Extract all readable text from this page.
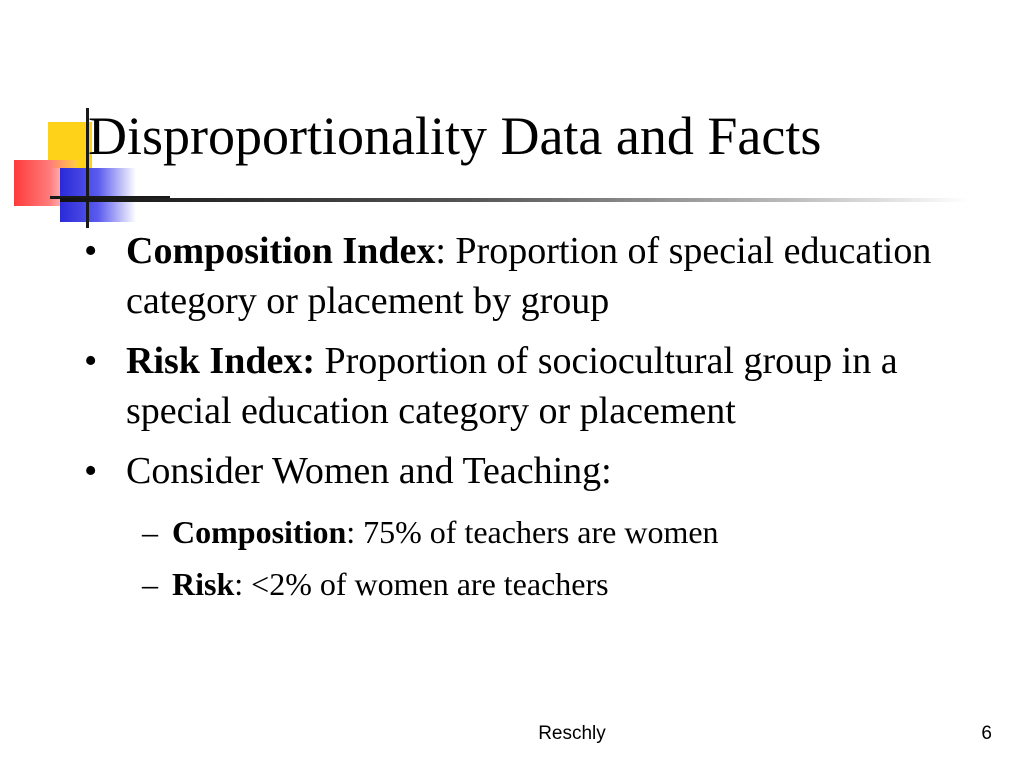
Disproportionality Data and Facts
• Composition Index: Proportion of special education category or placement by group
• Risk Index: Proportion of sociocultural group in a special education category or placement
• Consider Women and Teaching:
– Composition: 75% of teachers are women
– Risk: <2% of women are teachers
Reschly	6
